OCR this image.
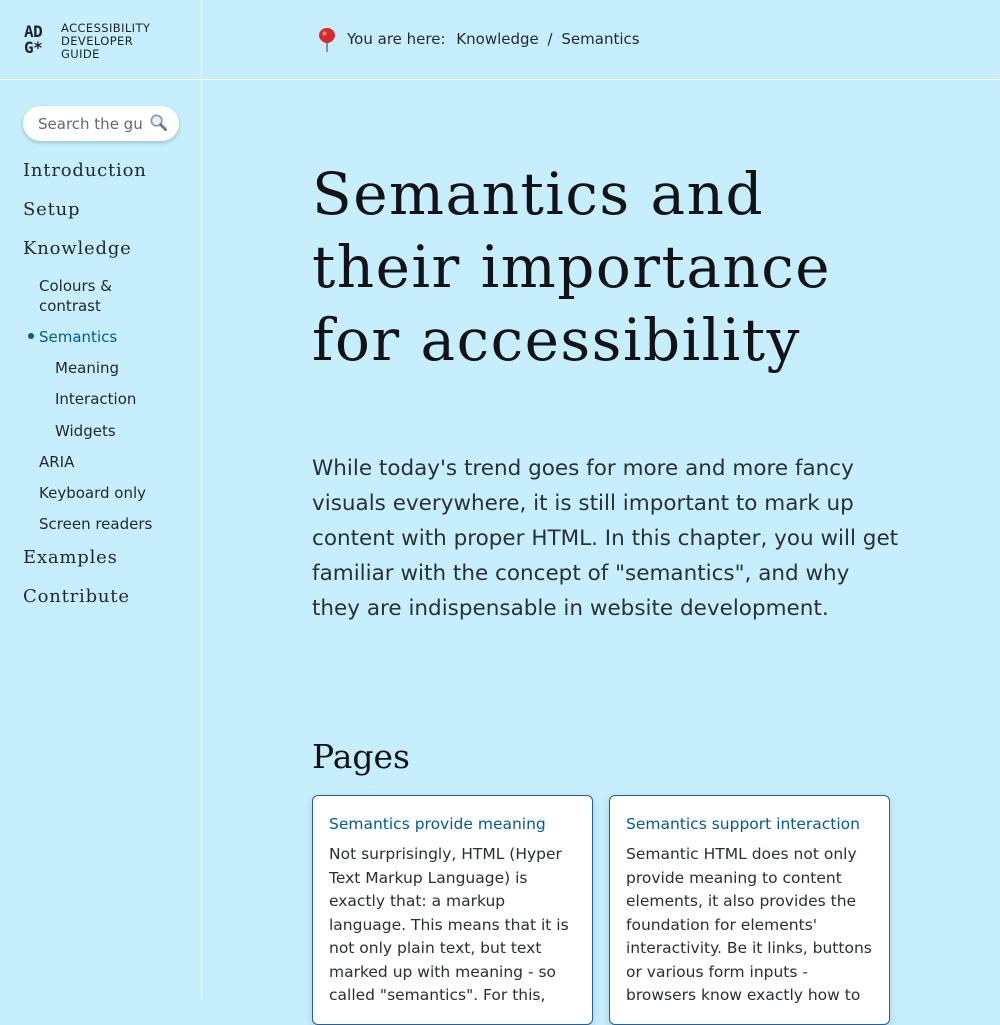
AD
G*
ACCESSIBILITY
DEVELOPER
GUIDE
Search the guide
Introduction
Setup
Knowledge
Colours & contrast
Semantics
Meaning
Interaction
Widgets
ARIA
Keyboard only
Screen readers
Examples
Contribute
You are here: Knowledge / Semantics
Semantics and their importance for accessibility

While today's trend goes for more and more fancy visuals everywhere, it is still important to mark up content with proper HTML. In this chapter, you will get familiar with the concept of "semantics", and why they are indispensable in website development.

Pages
Semantics provide meaning

Not surprisingly, HTML (Hyper Text Markup Language) is exactly that: a markup language. This means that it is not only plain text, but text marked up with meaning - so called "semantics". For this,

Semantics support interaction

Semantic HTML does not only provide meaning to content elements, it also provides the foundation for elements' interactivity. Be it links, buttons or various form inputs - browsers know exactly how to
